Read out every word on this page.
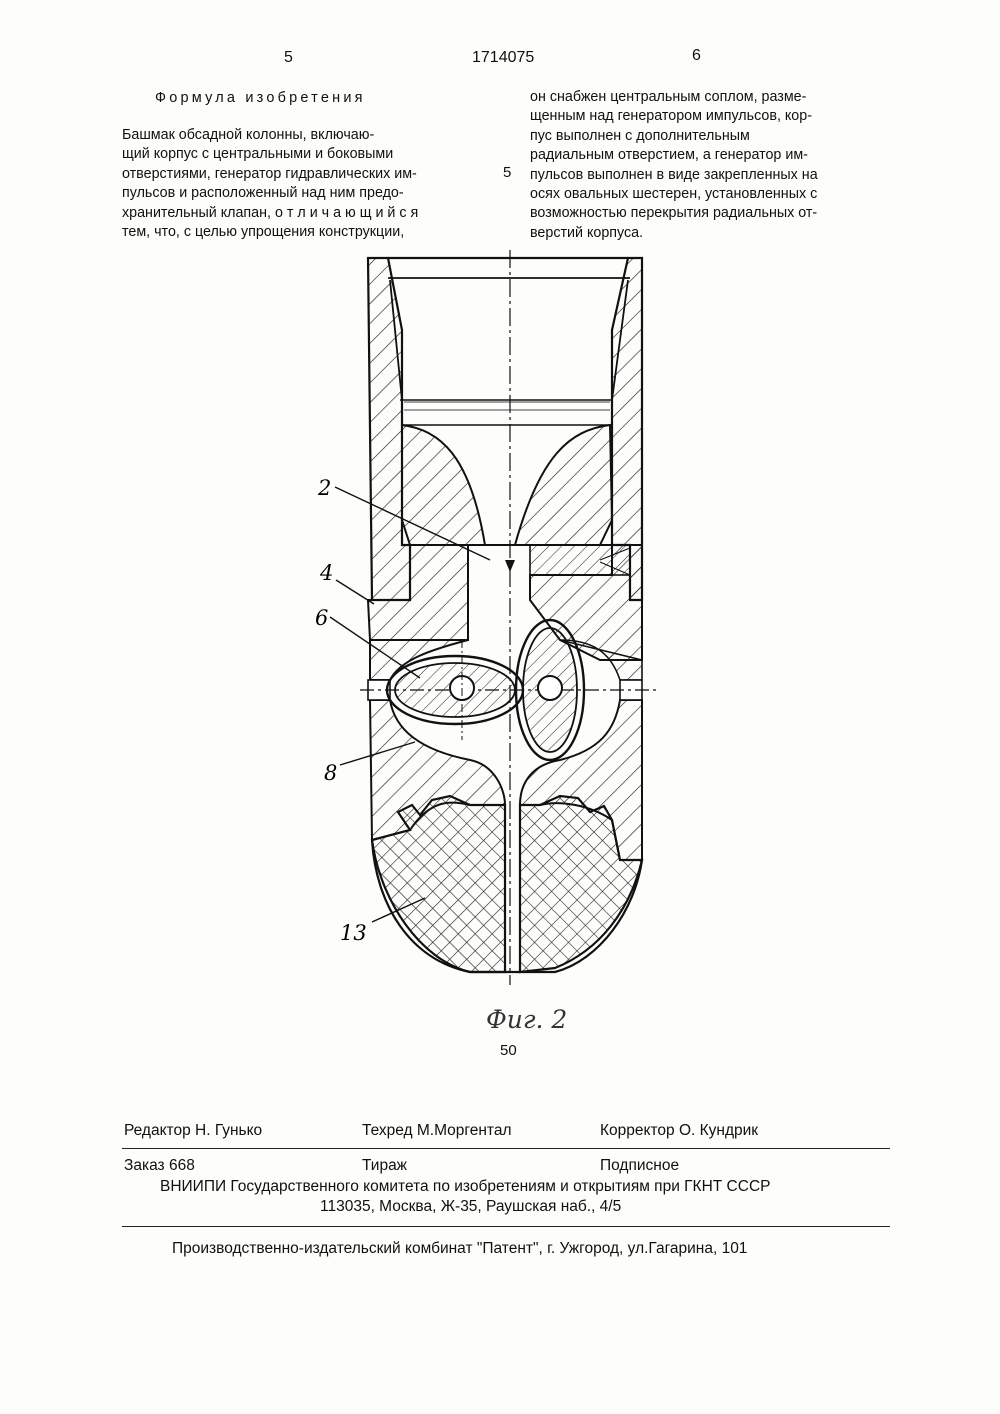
5	1714075	6
Формула изобретения
Башмак обсадной колонны, включаю-
щий корпус с центральными и боковыми
отверстиями, генератор гидравлических им-
пульсов и расположенный над ним предо-
хранительный клапан, о т л и ч а ю щ и й с я
тем, что, с целью упрощения конструкции,
5
он снабжен центральным соплом, разме-
щенным над генератором импульсов, кор-
пус выполнен с дополнительным
радиальным отверстием, а генератор им-
пульсов выполнен в виде закрепленных на
осях овальных шестерен, установленных с
возможностью перекрытия радиальных от-
верстий корпуса.
2
4
6
8
13
Фиг. 2
50
Редактор Н. Гунько	Техред М.Моргентал	Корректор О. Кундрик
Заказ 668	Тираж	Подписное
ВНИИПИ Государственного комитета по изобретениям и открытиям при ГКНТ СССР
113035, Москва, Ж-35, Раушская наб., 4/5
Производственно-издательский комбинат "Патент", г. Ужгород, ул.Гагарина, 101
